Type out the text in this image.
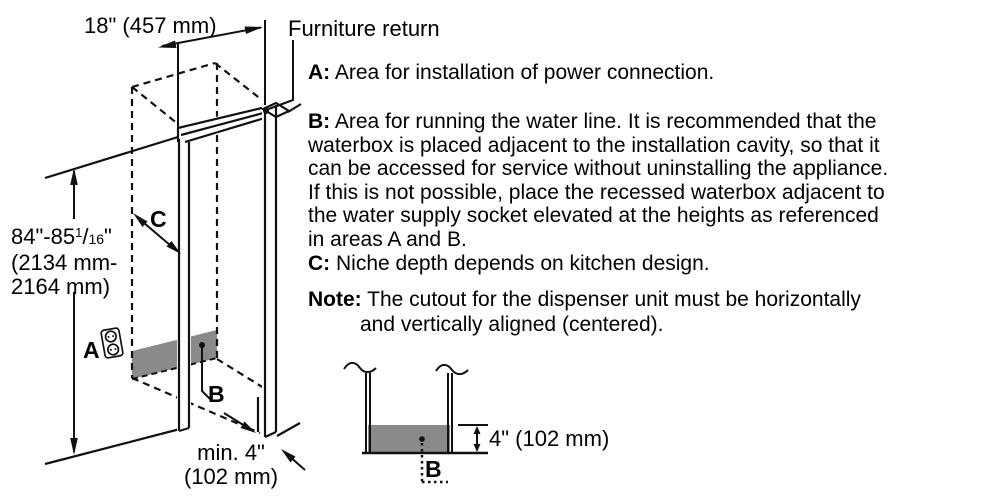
18" (457 mm)	Furniture return
$84"-85^1/16$"
(2134 mm-
2164 mm)
A
C
B
min. 4"
(102 mm)
A: Area for installation of power connection.
B: Area for running the water line. It is recommended that the
waterbox is placed adjacent to the installation cavity, so that it
can be accessed for service without uninstalling the appliance.
If this is not possible, place the recessed waterbox adjacent to
the water supply socket elevated at the heights as referenced
in areas A and B.
C: Niche depth depends on kitchen design.
Note: The cutout for the dispenser unit must be horizontally
and vertically aligned (centered).
4" (102 mm)
B
